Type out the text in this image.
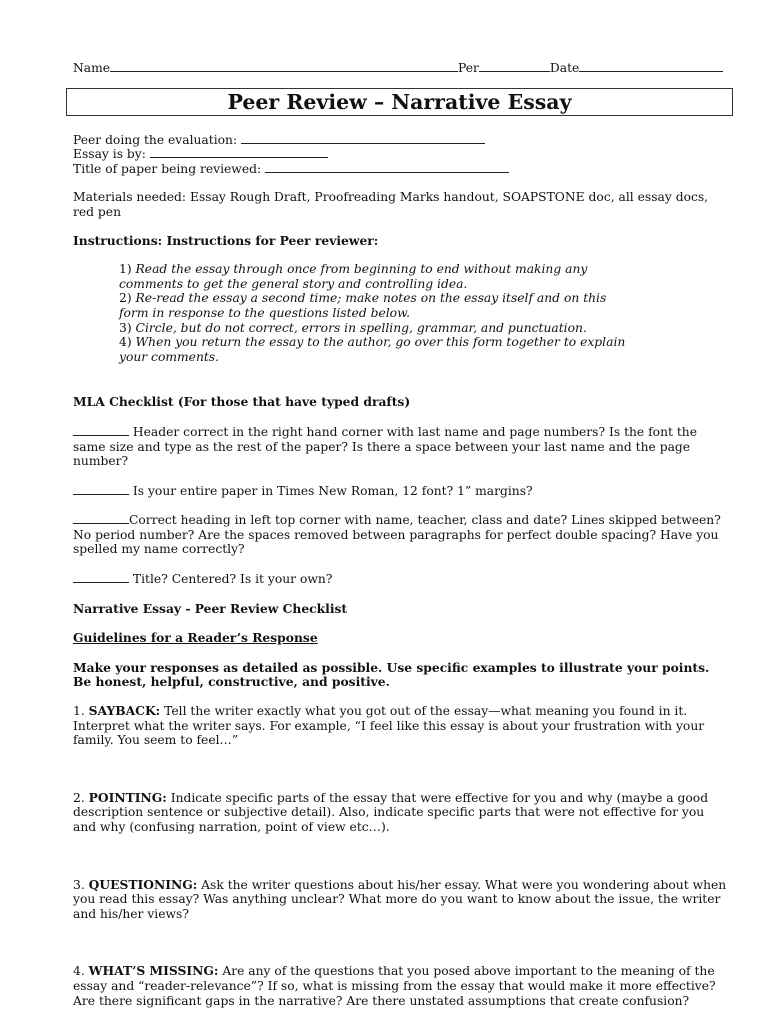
Name	Per	Date
Peer Review – Narrative Essay
Peer doing the evaluation:
Essay is by:
Title of paper being reviewed:

Materials needed: Essay Rough Draft, Proofreading Marks handout, SOAPSTONE doc, all essay docs, red pen

Instructions: Instructions for Peer reviewer:

1) Read the essay through once from beginning to end without making any comments to get the general story and controlling idea.

2) Re-read the essay a second time; make notes on the essay itself and on this form in response to the questions listed below.

3) Circle, but do not correct, errors in spelling, grammar, and punctuation.

4) When you return the essay to the author, go over this form together to explain your comments.

MLA Checklist (For those that have typed drafts)

Header correct in the right hand corner with last name and page numbers? Is the font the same size and type as the rest of the paper? Is there a space between your last name and the page number?

Is your entire paper in Times New Roman, 12 font? 1” margins?

Correct heading in left top corner with name, teacher, class and date? Lines skipped between? No period number? Are the spaces removed between paragraphs for perfect double spacing? Have you spelled my name correctly?

Title? Centered? Is it your own?

Narrative Essay - Peer Review Checklist

Guidelines for a Reader’s Response

Make your responses as detailed as possible. Use specific examples to illustrate your points. Be honest, helpful, constructive, and positive.

1. SAYBACK: Tell the writer exactly what you got out of the essay—what meaning you found in it. Interpret what the writer says. For example, “I feel like this essay is about your frustration with your family. You seem to feel…”

2. POINTING: Indicate specific parts of the essay that were effective for you and why (maybe a good description sentence or subjective detail). Also, indicate specific parts that were not effective for you and why (confusing narration, point of view etc…).

3. QUESTIONING: Ask the writer questions about his/her essay. What were you wondering about when you read this essay? Was anything unclear? What more do you want to know about the issue, the writer and his/her views?

4. WHAT’S MISSING: Are any of the questions that you posed above important to the meaning of the essay and “reader-relevance”? If so, what is missing from the essay that would make it more effective? Are there significant gaps in the narrative? Are there unstated assumptions that create confusion?
